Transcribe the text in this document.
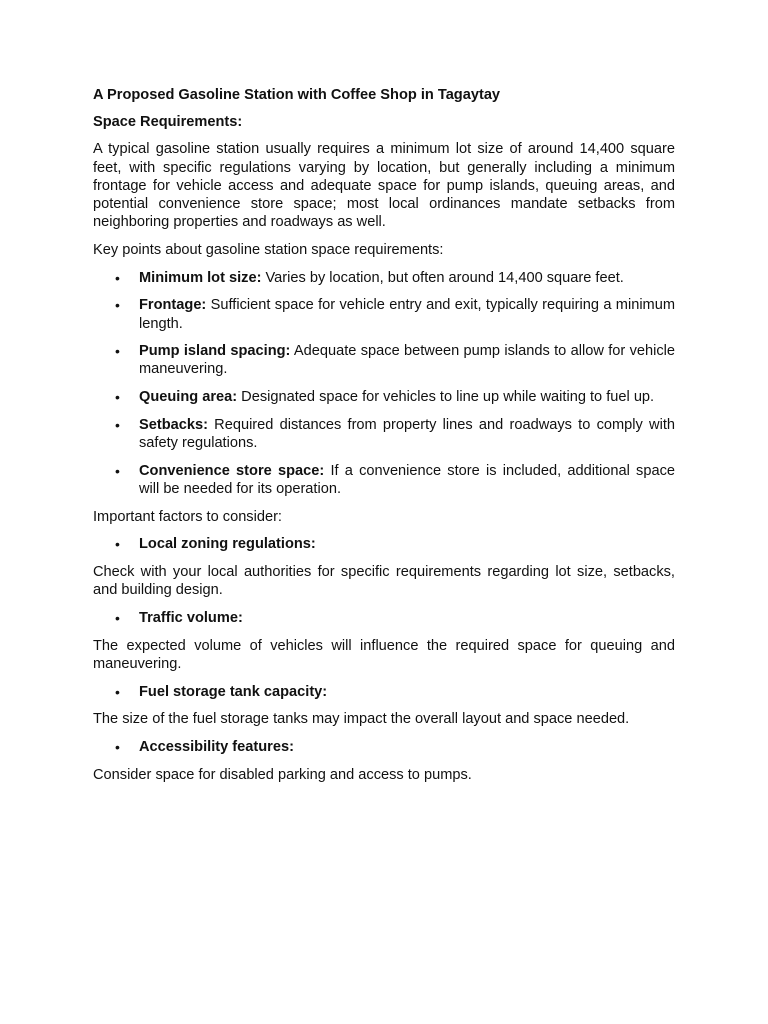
A Proposed Gasoline Station with Coffee Shop in Tagaytay
Space Requirements:

A typical gasoline station usually requires a minimum lot size of around 14,400 square feet, with specific regulations varying by location, but generally including a minimum frontage for vehicle access and adequate space for pump islands, queuing areas, and potential convenience store space; most local ordinances mandate setbacks from neighboring properties and roadways as well.

Key points about gasoline station space requirements:

• Minimum lot size: Varies by location, but often around 14,400 square feet.
• Frontage: Sufficient space for vehicle entry and exit, typically requiring a minimum length.
• Pump island spacing: Adequate space between pump islands to allow for vehicle maneuvering.
• Queuing area: Designated space for vehicles to line up while waiting to fuel up.
• Setbacks: Required distances from property lines and roadways to comply with safety regulations.
• Convenience store space: If a convenience store is included, additional space will be needed for its operation.

Important factors to consider:

• Local zoning regulations:

Check with your local authorities for specific requirements regarding lot size, setbacks, and building design.

• Traffic volume:

The expected volume of vehicles will influence the required space for queuing and maneuvering.

• Fuel storage tank capacity:

The size of the fuel storage tanks may impact the overall layout and space needed.

• Accessibility features:

Consider space for disabled parking and access to pumps.
